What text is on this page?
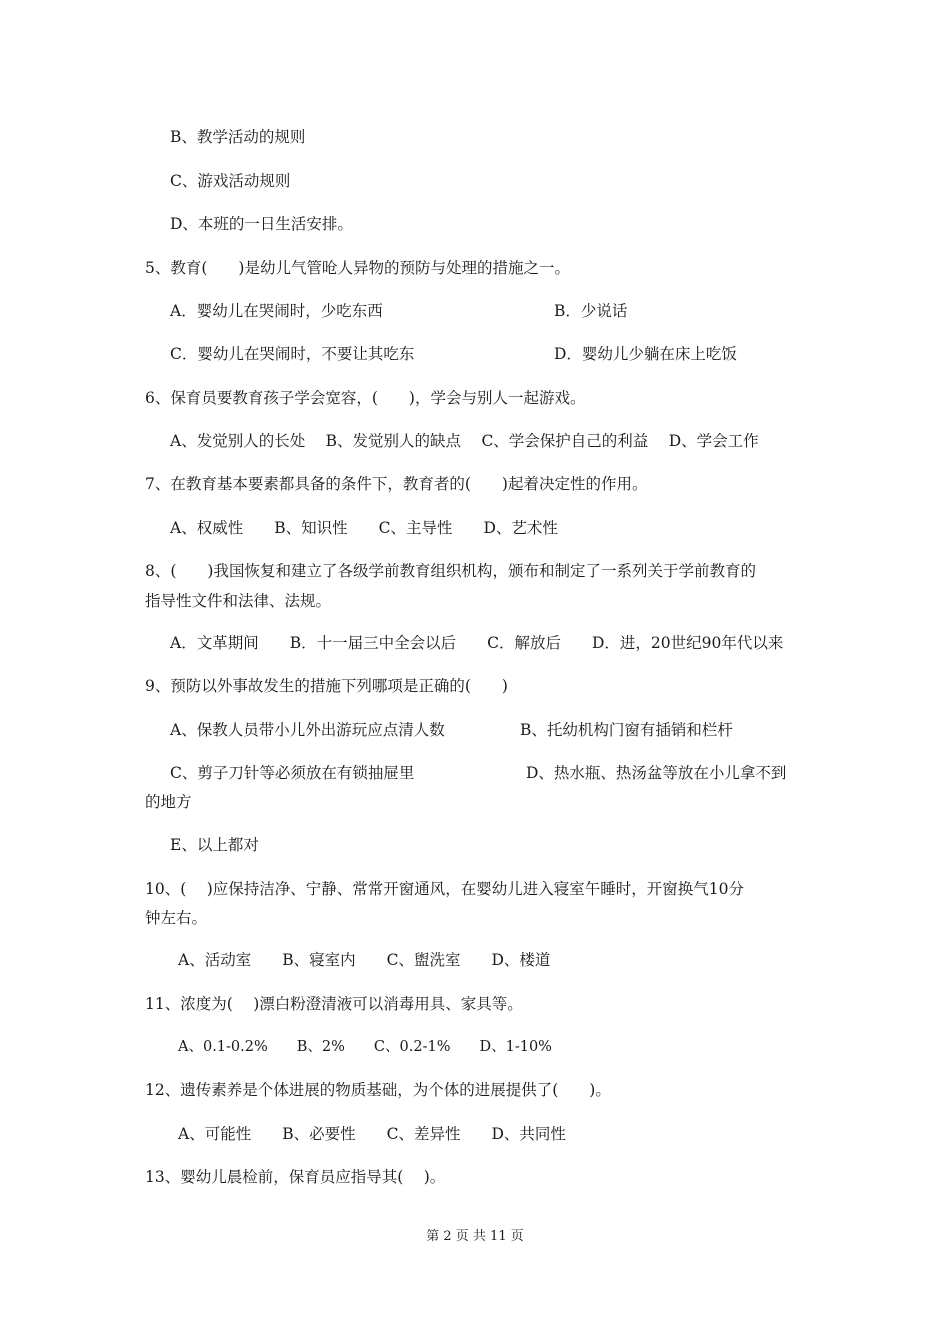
B、教学活动的规则
C、游戏活动规则
D、本班的一日生活安排。
5、教育(　　)是幼儿气管呛人异物的预防与处理的措施之一。
A．婴幼儿在哭闹时，少吃东西	B．少说话
C．婴幼儿在哭闹时，不要让其吃东	D．婴幼儿少躺在床上吃饭
6、保育员要教育孩子学会宽容，(　　)，学会与别人一起游戏。
A、发觉别人的长处　 B、发觉别人的缺点　 C、学会保护自己的利益　 D、学会工作
7、在教育基本要素都具备的条件下，教育者的(　　)起着决定性的作用。
A、权威性　　B、知识性　　C、主导性　　D、艺术性
8、(　　)我国恢复和建立了各级学前教育组织机构，颁布和制定了一系列关于学前教育的
指导性文件和法律、法规。
A．文革期间　　B．十一届三中全会以后　　C．解放后　　D．进，20世纪90年代以来
9、预防以外事故发生的措施下列哪项是正确的(　　)
A、保教人员带小儿外出游玩应点清人数	B、托幼机构门窗有插销和栏杆
C、剪子刀针等必须放在有锁抽屉里	D、热水瓶、热汤盆等放在小儿拿不到
的地方
E、以上都对
10、(　 )应保持洁净、宁静、常常开窗通风，在婴幼儿进入寝室午睡时，开窗换气10分
钟左右。
A、活动室　　B、寝室内　　C、盥洗室　　D、楼道
11、浓度为(　 )漂白粉澄清液可以消毒用具、家具等。
A、0.1-0.2%　　B、2%　　C、0.2-1%　　D、1-10%
12、遗传素养是个体进展的物质基础，为个体的进展提供了(　　)。
A、可能性　　B、必要性　　C、差异性　　D、共同性
13、婴幼儿晨检前，保育员应指导其(　 )。
第 2 页 共 11 页
